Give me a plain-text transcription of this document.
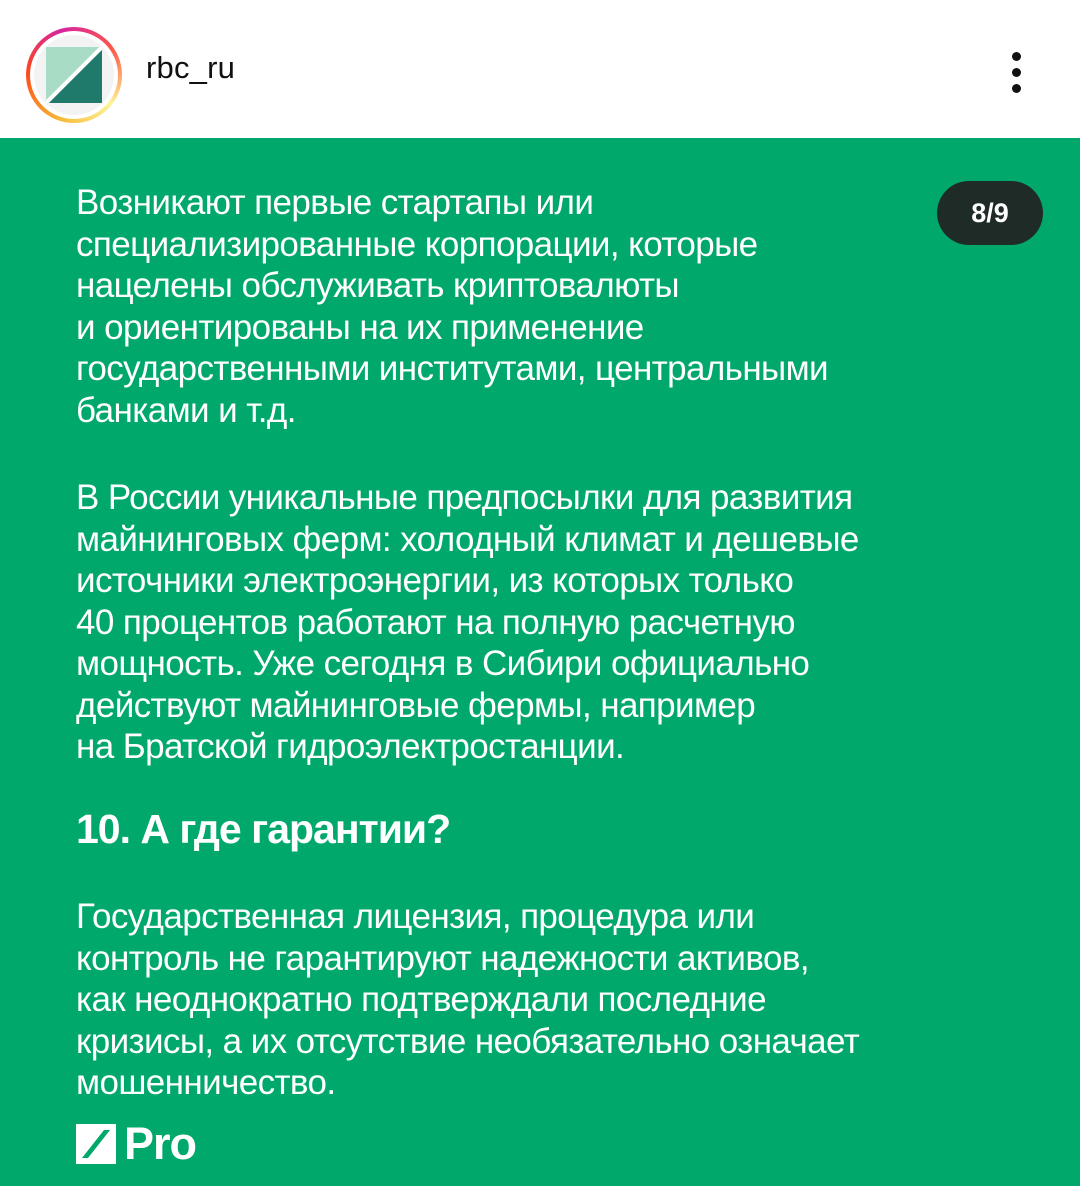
rbc_ru
8/9

Возникают первые стартапы или
специализированные корпорации, которые
нацелены обслуживать криптовалюты
и ориентированы на их применение
государственными институтами, центральными
банками и т.д.

В России уникальные предпосылки для развития
майнинговых ферм: холодный климат и дешевые
источники электроэнергии, из которых только
40 процентов работают на полную расчетную
мощность. Уже сегодня в Сибири официально
действуют майнинговые фермы, например
на Братской гидроэлектростанции.

10. А где гарантии?

Государственная лицензия, процедура или
контроль не гарантируют надежности активов,
как неоднократно подтверждали последние
кризисы, а их отсутствие необязательно означает
мошенничество.

Pro
